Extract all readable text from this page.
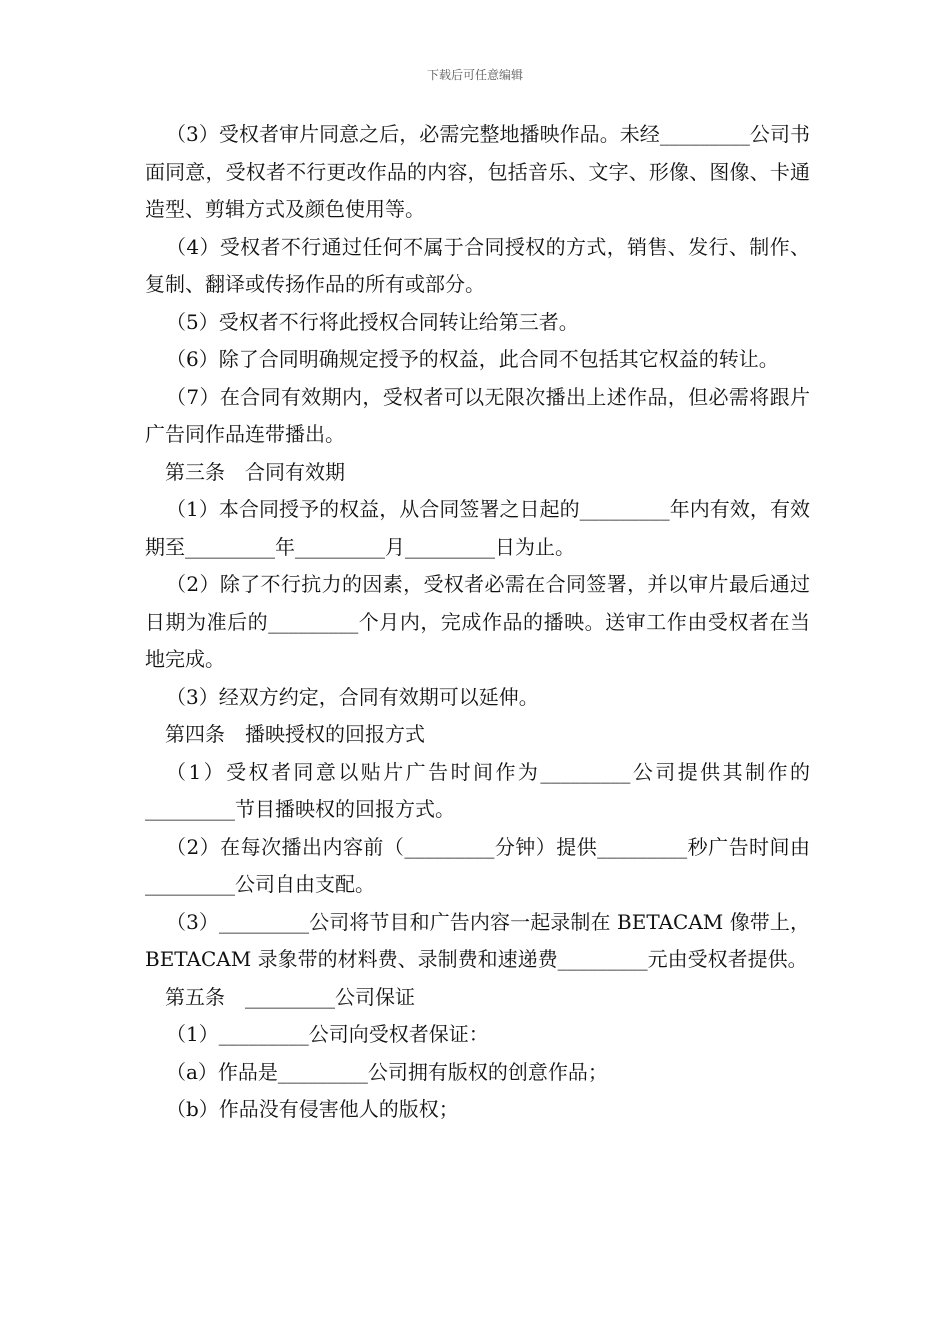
下载后可任意编辑

（3）受权者审片同意之后，必需完整地播映作品。未经_________公司书面同意，受权者不行更改作品的内容，包括音乐、文字、形像、图像、卡通造型、剪辑方式及颜色使用等。

（4）受权者不行通过任何不属于合同授权的方式，销售、发行、制作、复制、翻译或传扬作品的所有或部分。

（5）受权者不行将此授权合同转让给第三者。

（6）除了合同明确规定授予的权益，此合同不包括其它权益的转让。

（7）在合同有效期内，受权者可以无限次播出上述作品，但必需将跟片广告同作品连带播出。

第三条　合同有效期

（1）本合同授予的权益，从合同签署之日起的_________年内有效，有效期至_________年_________月_________日为止。

（2）除了不行抗力的因素，受权者必需在合同签署，并以审片最后通过日期为准后的_________个月内，完成作品的播映。送审工作由受权者在当地完成。

（3）经双方约定，合同有效期可以延伸。

第四条　播映授权的回报方式

（1）受权者同意以贴片广告时间作为_________公司提供其制作的_________节目播映权的回报方式。

（2）在每次播出内容前（_________分钟）提供_________秒广告时间由_________公司自由支配。

（3）_________公司将节目和广告内容一起录制在 BETACAM 像带上，BETACAM 录象带的材料费、录制费和速递费_________元由受权者提供。

第五条　_________公司保证

（1）_________公司向受权者保证：

（a）作品是_________公司拥有版权的创意作品；

（b）作品没有侵害他人的版权；
